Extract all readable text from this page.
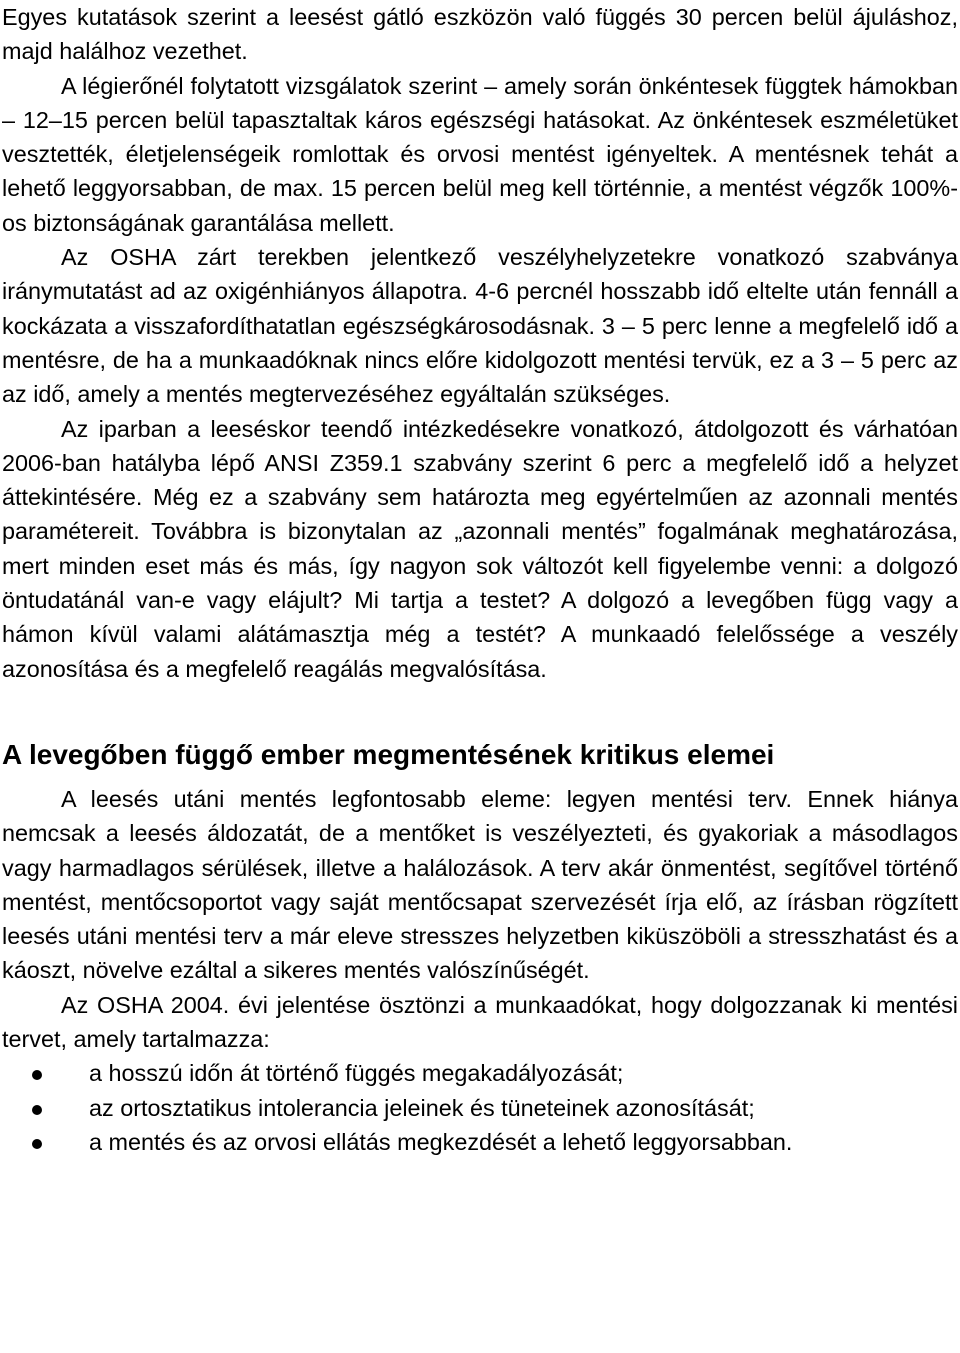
Egyes kutatások szerint a leesést gátló eszközön való függés 30 percen belül ájuláshoz, majd halálhoz vezethet.

A légierőnél folytatott vizsgálatok szerint – amely során önkéntesek függtek hámokban – 12–15 percen belül tapasztaltak káros egészségi hatásokat. Az önkéntesek eszméletüket vesztették, életjelenségeik romlottak és orvosi mentést igényeltek. A mentésnek tehát a lehető leggyorsabban, de max. 15 percen belül meg kell történnie, a mentést végzők 100%-os biztonságának garantálása mellett.

Az OSHA zárt terekben jelentkező veszélyhelyzetekre vonatkozó szabványa iránymutatást ad az oxigénhiányos állapotra. 4-6 percnél hosszabb idő eltelte után fennáll a kockázata a visszafordíthatatlan egészségkárosodásnak. 3 – 5 perc lenne a megfelelő idő a mentésre, de ha a munkaadóknak nincs előre kidolgozott mentési tervük, ez a 3 – 5 perc az az idő, amely a mentés megtervezéséhez egyáltalán szükséges.

Az iparban a leeséskor teendő intézkedésekre vonatkozó, átdolgozott és várhatóan 2006-ban hatályba lépő ANSI Z359.1 szabvány szerint 6 perc a megfelelő idő a helyzet áttekintésére. Még ez a szabvány sem határozta meg egyértelműen az azonnali mentés paramétereit. Továbbra is bizonytalan az „azonnali mentés” fogalmának meghatározása, mert minden eset más és más, így nagyon sok változót kell figyelembe venni: a dolgozó öntudatánál van-e vagy elájult? Mi tartja a testet? A dolgozó a levegőben függ vagy a hámon kívül valami alátámasztja még a testét? A munkaadó felelőssége a veszély azonosítása és a megfelelő reagálás megvalósítása.

A levegőben függő ember megmentésének kritikus elemei

A leesés utáni mentés legfontosabb eleme: legyen mentési terv. Ennek hiánya nemcsak a leesés áldozatát, de a mentőket is veszélyezteti, és gyakoriak a másodlagos vagy harmadlagos sérülések, illetve a halálozások. A terv akár önmentést, segítővel történő mentést, mentőcsoportot vagy saját mentőcsapat szervezését írja elő, az írásban rögzített leesés utáni mentési terv a már eleve stresszes helyzetben kiküszöböli a stresszhatást és a káoszt, növelve ezáltal a sikeres mentés valószínűségét.

Az OSHA 2004. évi jelentése ösztönzi a munkaadókat, hogy dolgozzanak ki mentési tervet, amely tartalmazza:

a hosszú időn át történő függés megakadályozását;
az ortosztatikus intolerancia jeleinek és tüneteinek azonosítását;
a mentés és az orvosi ellátás megkezdését a lehető leggyorsabban.
